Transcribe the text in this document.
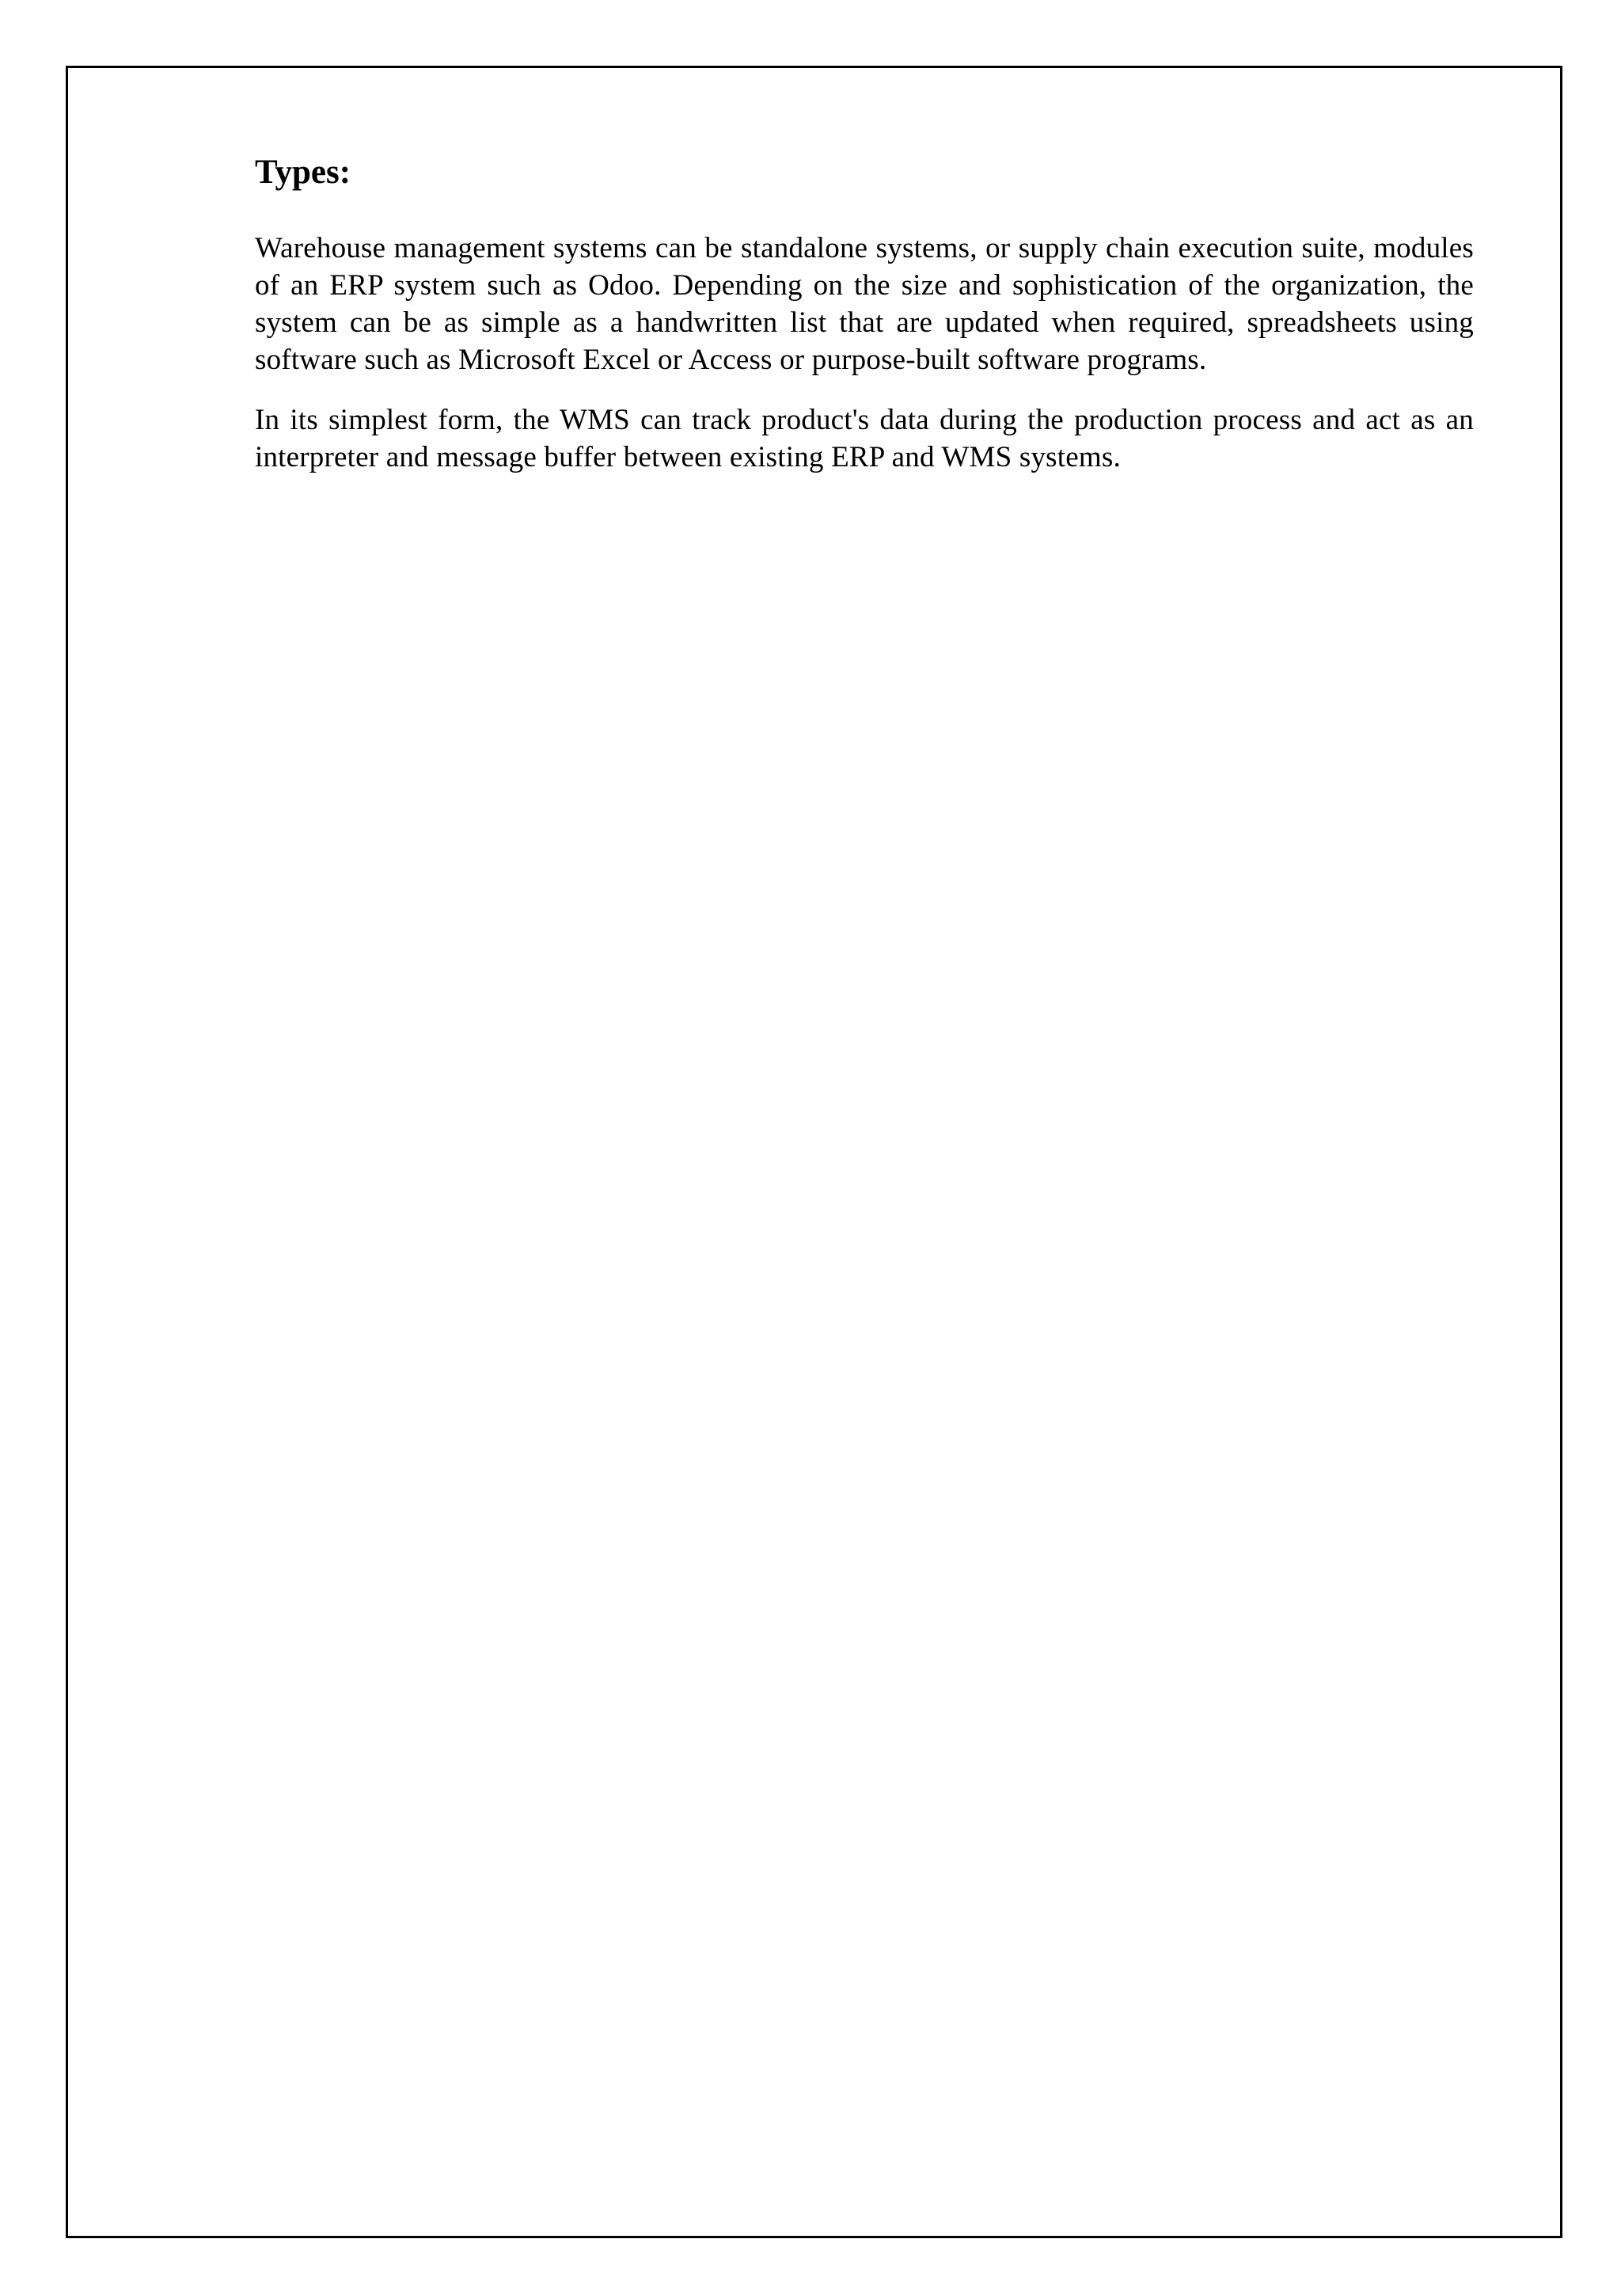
Types:

Warehouse management systems can be standalone systems, or supply chain execution suite, modules of an ERP system such as Odoo. Depending on the size and sophistication of the organization, the system can be as simple as a handwritten list that are updated when required, spreadsheets using software such as Microsoft Excel or Access or purpose-built software programs.

In its simplest form, the WMS can track product's data during the production process and act as an interpreter and message buffer between existing ERP and WMS systems.
